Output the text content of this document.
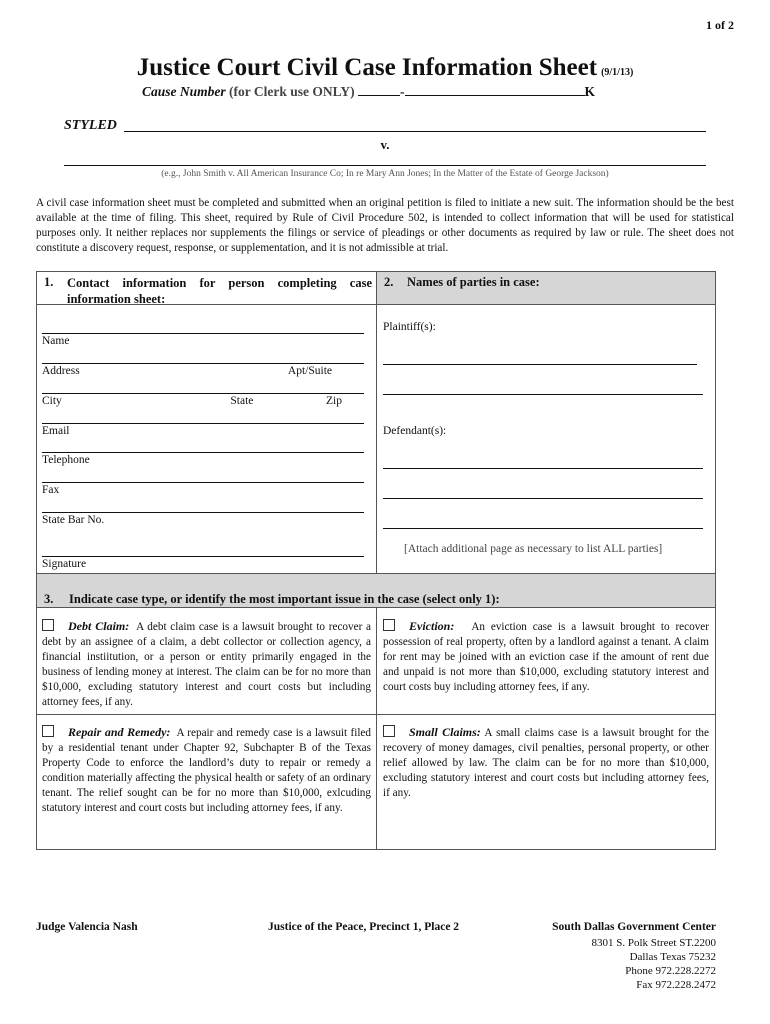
1 of 2
Justice Court Civil Case Information Sheet (9/1/13)
Cause Number (for Clerk use ONLY)	-	K
STYLED
v.
(e.g., John Smith v. All American Insurance Co; In re Mary Ann Jones; In the Matter of the Estate of George Jackson)
A civil case information sheet must be completed and submitted when an original petition is filed to initiate a new suit. The information should be the best available at the time of filing. This sheet, required by Rule of Civil Procedure 502, is intended to collect information that will be used for statistical purposes only. It neither replaces nor supplements the filings or service of pleadings or other documents as required by law or rule. The sheet does not constitute a discovery request, response, or supplementation, and it is not admissible at trial.
1. Contact information for person completing case information sheet:
2. Names of parties in case:
Name
Address	Apt/Suite
City	State	Zip
Email
Telephone
Fax
State Bar No.
Signature
Plaintiff(s):
Defendant(s):
[Attach additional page as necessary to list ALL parties]
3. Indicate case type, or identify the most important issue in the case (select only 1):
Debt Claim: A debt claim case is a lawsuit brought to recover a debt by an assignee of a claim, a debt collector or collection agency, a financial instiitution, or a person or entity primarily engaged in the business of lending money at interest. The claim can be for no more than $10,000, excluding statutory interest and court costs but including attorney fees, if any.
Eviction: An eviction case is a lawsuit brought to recover possession of real property, often by a landlord against a tenant. A claim for rent may be joined with an eviction case if the amount of rent due and unpaid is not more than $10,000, excluding statutory interest and court costs buy including attorney fees, if any.
Repair and Remedy: A repair and remedy case is a lawsuit filed by a residential tenant under Chapter 92, Subchapter B of the Texas Property Code to enforce the landlord’s duty to repair or remedy a condition materially affecting the physical health or safety of an ordinary tenant. The relief sought can be for no more than $10,000, exlcuding statutory interest and court costs but including attorney fees, if any.
Small Claims: A small claims case is a lawsuit brought for the recovery of money damages, civil penalties, personal property, or other relief allowed by law. The claim can be for no more than $10,000, excluding statutory interest and court costs but including attorney fees, if any.
Judge Valencia Nash	Justice of the Peace, Precinct 1, Place 2	South Dallas Government Center
8301 S. Polk Street ST.2200
Dallas Texas 75232
Phone 972.228.2272
Fax 972.228.2472
